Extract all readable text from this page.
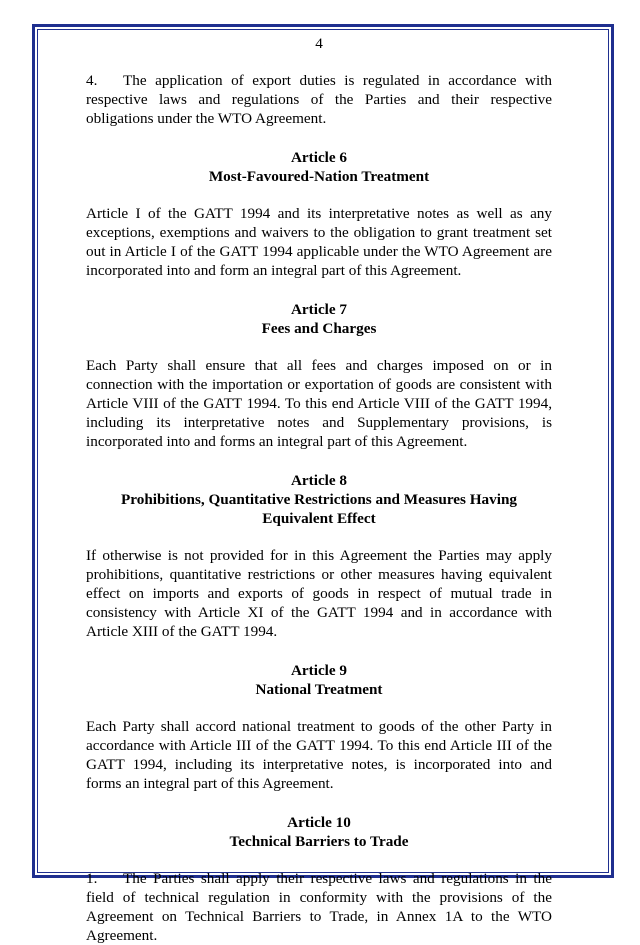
4

4. The application of export duties is regulated in accordance with respective laws and regulations of the Parties and their respective obligations under the WTO Agreement.

Article 6
Most-Favoured-Nation Treatment

Article I of the GATT 1994 and its interpretative notes as well as any exceptions, exemptions and waivers to the obligation to grant treatment set out in Article I of the GATT 1994 applicable under the WTO Agreement are incorporated into and form an integral part of this Agreement.

Article 7
Fees and Charges

Each Party shall ensure that all fees and charges imposed on or in connection with the importation or exportation of goods are consistent with Article VIII of the GATT 1994. To this end Article VIII of the GATT 1994, including its interpretative notes and Supplementary provisions, is incorporated into and forms an integral part of this Agreement.

Article 8
Prohibitions, Quantitative Restrictions and Measures Having Equivalent Effect

If otherwise is not provided for in this Agreement the Parties may apply prohibitions, quantitative restrictions or other measures having equivalent effect on imports and exports of goods in respect of mutual trade in consistency with Article XI of the GATT 1994 and in accordance with Article XIII of the GATT 1994.

Article 9
National Treatment

Each Party shall accord national treatment to goods of the other Party in accordance with Article III of the GATT 1994. To this end Article III of the GATT 1994, including its interpretative notes, is incorporated into and forms an integral part of this Agreement.

Article 10
Technical Barriers to Trade

1. The Parties shall apply their respective laws and regulations in the field of technical regulation in conformity with the provisions of the Agreement on Technical Barriers to Trade, in Annex 1A to the WTO Agreement.
